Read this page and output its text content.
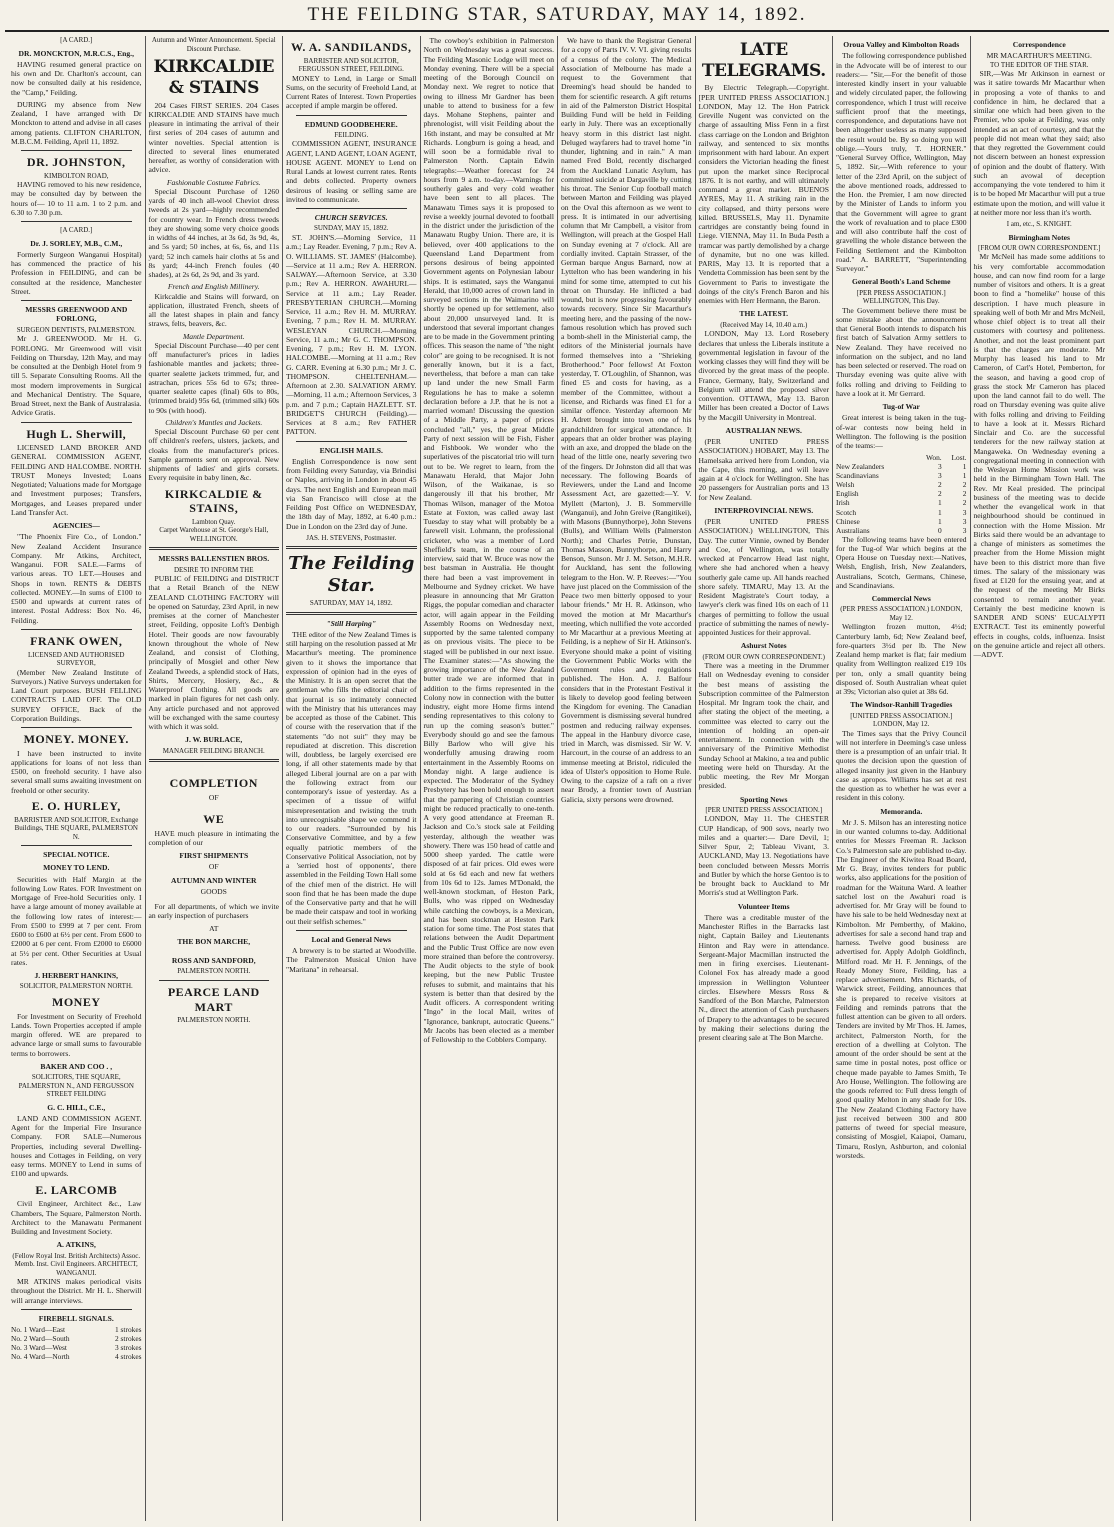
THE FEILDING STAR, SATURDAY, MAY 14, 1892.
[A CARD.]
DR. MONCKTON, M.R.C.S., Eng.,

HAVING resumed general practice on his own and Dr. Charlton's account, can now be consulted daily at his residence, the "Camp," Feilding.

DURING my absence from New Zealand, I have arranged with Dr Monckton to attend and advise in all cases among patients. CLIFTON CHARLTON, M.B.C.M. Feilding, April 11, 1892.

DR. JOHNSTON,
KIMBOLTON ROAD,

HAVING removed to his new residence, may be consulted day by between the hours of— 10 to 11 a.m. 1 to 2 p.m. and 6.30 to 7.30 p.m.

[A CARD.]
Dr. J. SORLEY, M.B., C.M.,

Formerly Surgeon Wanganui Hospital) has commenced the practice of his Profession in FEILDING, and can be consulted at the residence, Manchester Street.

MESSRS GREENWOOD AND FORLONG,
SURGEON DENTISTS, PALMERSTON.

Mr J. GREENWOOD. Mr H. G. FORLONG. Mr Greenwood will visit Feilding on Thursday, 12th May, and may be consulted at the Denbigh Hotel from 9 till 5. Separate Consulting Rooms. All the most modern improvements in Surgical and Mechanical Dentistry. The Square, Broad Street, next the Bank of Australasia. Advice Gratis.

Hugh L. Sherwill,

LICENSED LAND BROKER AND GENERAL COMMISSION AGENT, FEILDING AND HALCOMBE. NORTH. TRUST Moneys Invested; Loans Negotiated; Valuations made for Mortgage and Investment purposes; Transfers, Mortgages, and Leases prepared under Land Transfer Act.

AGENCIES—

"The Phoenix Fire Co., of London." New Zealand Accident Insurance Company. Mr Atkins, Architect, Wanganui. FOR SALE.—Farms of various areas. TO LET.—Houses and Shops in town. RENTS & DEBTS collected. MONEY.—In sums of £100 to £500 and upwards at current rates of interest. Postal Address: Box No. 46, Feilding.

FRANK OWEN,
LICENSED AND AUTHORISED SURVEYOR,

(Member New Zealand Institute of Surveyors.) Native Surveys undertaken for Land Court purposes. BUSH FELLING CONTRACTS LAID OFF. The OLD SURVEY OFFICE, Back of the Corporation Buildings.

MONEY. MONEY.

I have been instructed to invite applications for loans of not less than £500, on freehold security. I have also several small sums awaiting investment on freehold or other security.

E. O. HURLEY,
BARRISTER AND SOLICITOR, Exchange Buildings, THE SQUARE, PALMERSTON N.
SPECIAL NOTICE.
MONEY TO LEND.

Securities with Half Margin at the following Low Rates. FOR Investment on Mortgage of Free-hold Securities only. I have a large amount of money available at the following low rates of interest:— From £500 to £999 at 7 per cent. From £600 to £600 at 6½ per cent. From £600 to £2000 at 6 per cent. From £2000 to £6000 at 5½ per cent. Other Securities at Usual rates.

J. HERBERT HANKINS,
SOLICITOR, PALMERSTON NORTH.
MONEY

For Investment on Security of Freehold Lands. Town Properties accepted if ample margin offered. WE are prepared to advance large or small sums to favourable terms to borrowers.

BAKER AND COO . ,
SOLICITORS, THE SQUARE, PALMERSTON N., AND FERGUSSON STREET FEILDING
G. C. HILL, C.E.,

LAND AND COMMISSION AGENT. Agent for the Imperial Fire Insurance Company. FOR SALE—Numerous Properties, including several Dwelling-houses and Cottages in Feilding, on very easy terms. MONEY to Lend in sums of £100 and upwards.

E. LARCOMB

Civil Engineer, Architect &c., Law Chambers, The Square, Palmerston North. Architect to the Manawatu Permanent Building and Investment Society.

A. ATKINS,
(Fellow Royal Inst. British Architects) Assoc. Memb. Inst. Civil Engineers. ARCHITECT, WANGANUI.

MR ATKINS makes periodical visits throughout the District. Mr H. L. Sherwill will arrange interviews.

FIREBELL SIGNALS.
No. 1 Ward—East	1 strokes
No. 2 Ward—South	2 strokes
No. 3 Ward—West	3 strokes
No. 4 Ward—North	4 strokes
Autumn and Winter Announcement. Special Discount Purchase.
KIRKCALDIE & STAINS

204 Cases FIRST SERIES. 204 Cases KIRKCALDIE AND STAINS have much pleasure in intimating the arrival of their first series of 204 cases of autumn and winter novelties. Special attention is directed to several lines enumerated hereafter, as worthy of consideration with advice.

Fashionable Costume Fabrics.

Special Discount Purchase of 1260 yards of 40 inch all-wool Cheviot dress tweeds at 2s yard—highly recommended for country wear. In French dress tweeds they are showing some very choice goods in widths of 44 inches, at 3s 6d, 3s 9d, 4s, and 5s yard; 50 inches, at 6s, 6s, and 11s yard; 52 inch camels hair cloths at 5s and 8s yard; 44-inch French foules (40 shades), at 2s 6d, 2s 9d, and 3s yard.

French and English Millinery.

Kirkcaldie and Stains will forward, on application, illustrated French, sheets of all the latest shapes in plain and fancy straws, felts, beavers, &c.

Mantle Department.

Special Discount Purchase—40 per cent off manufacturer's prices in ladies fashionable mantles and jackets; three-quarter sealette jackets trimmed, fur, and astrachan, prices 55s 6d to 67s; three-quarter sealette capes (final) 60s to 80s, (trimmed braid) 95s 6d, (trimmed silk) 60s to 90s (with hood).

Children's Mantles and Jackets.

Special Discount Purchase 60 per cent off children's reefers, ulsters, jackets, and cloaks from the manufacturer's prices. Sample garments sent on approval. New shipments of ladies' and girls corsets. Every requisite in baby linen, &c.

KIRKCALDIE & STAINS,
Lambton Quay.
Carpet Warehouse at St. George's Hall, WELLINGTON.
MESSRS BALLENSTIEN BROS.
DESIRE TO INFORM THE

PUBLIC of FEILDING and DISTRICT that a Retail Branch of the NEW ZEALAND CLOTHING FACTORY will be opened on Saturday, 23rd April, in new premises at the corner of Manchester street, Feilding, opposite Loft's Denbigh Hotel. Their goods are now favourably known throughout the whole of New Zealand, and consist of Clothing, principally of Mosgiel and other New Zealand Tweeds, a splendid stock of Hats, Shirts, Mercery, Hosiery, &c., & Waterproof Clothing. All goods are marked in plain figures for net cash only. Any article purchased and not approved will be exchanged with the same courtesy with which it was sold.

J. W. BURLACE,
MANAGER FEILDING BRANCH.
COMPLETION
OF
WE

HAVE much pleasure in intimating the completion of our

FIRST SHIPMENTS
OF
AUTUMN AND WINTER
GOODS

For all departments, of which we invite an early inspection of purchasers

AT
THE BON MARCHE,
ROSS AND SANDFORD,
PALMERSTON NORTH.
PEARCE LAND MART
PALMERSTON NORTH.
W. A. SANDILANDS,
BARRISTER AND SOLICITOR, FERGUSSON STREET, FEILDING.

MONEY to Lend, in Large or Small Sums, on the security of Freehold Land, at Current Rates of Interest. Town Properties accepted if ample margin be offered.

EDMUND GOODBEHERE.
FEILDING.

COMMISSION AGENT, INSURANCE AGENT, LAND AGENT, LOAN AGENT, HOUSE AGENT. MONEY to Lend on Rural Lands at lowest current rates. Rents and debts collected. Property owners desirous of leasing or selling same are invited to communicate.

CHURCH SERVICES.
SUNDAY, MAY 15, 1892.

ST. JOHN'S.—Morning Service, 11 a.m.; Lay Reader. Evening, 7 p.m.; Rev A. O. WILLIAMS. ST. JAMES' (Halcombe).—Service at 11 a.m.; Rev A. HERRON. SALWAY.—Afternoon Service, at 3.30 p.m.; Rev A. HERRON. AWAHURI.—Service at 11 a.m.; Lay Reader. PRESBYTERIAN CHURCH.—Morning Service, 11 a.m.; Rev H. M. MURRAY. Evening, 7 p.m.; Rev H. M. MURRAY. WESLEYAN CHURCH.—Morning Service, 11 a.m.; Mr G. C. THOMPSON. Evening, 7 p.m.; Rev H. M. LYON. HALCOMBE.—Morning at 11 a.m.; Rev G. CARR. Evening at 6.30 p.m.; Mr J. C. THOMPSON. CHELTENHAM.—Afternoon at 2.30. SALVATION ARMY.—Morning, 11 a.m.; Afternoon Services, 3 p.m. and 7 p.m.; Captain HAZLETT. ST. BRIDGET'S CHURCH (Feilding).—Services at 8 a.m.; Rev FATHER PATTON.

ENGLISH MAILS.

English Correspondence is now sent from Feilding every Saturday, via Brindisi or Naples, arriving in London in about 45 days. The next English and European mail via San Francisco will close at the Feilding Post Office on WEDNESDAY, the 18th day of May, 1892, at 6.40 p.m.: Due in London on the 23rd day of June.

JAS. H. STEVENS, Postmaster.
The Feilding Star.
SATURDAY, MAY 14, 1892.
"Still Harping"

THE editor of the New Zealand Times is still harping on the resolution passed at Mr Macarthur's meeting. The prominence given to it shows the importance that expression of opinion had in the eyes of the Ministry. It is an open secret that the gentleman who fills the editorial chair of that journal is so intimately connected with the Ministry that his utterances may be accepted as those of the Cabinet. This of course with the reservation that if the statements "do not suit" they may be repudiated at discretion. This discretion will, doubtless, be largely exercised ere long, if all other statements made by that alleged Liberal journal are on a par with the following extract from our contemporary's issue of yesterday. As a specimen of a tissue of wilful misrepresentation and twisting the truth into unrecognisable shape we commend it to our readers. "Surrounded by his Conservative Committee, and by a few equally patriotic members of the Conservative Political Association, not by a 'serried host of opponents', there assembled in the Feilding Town Hall some of the chief men of the district. He will soon find that he has been made the dupe of the Conservative party and that he will be made their catspaw and tool in working out their selfish schemes."

Local and General News

A brewery is to be started at Woodville. The Palmerston Musical Union have "Maritana" in rehearsal.

The cowboy's exhibition in Palmerston North on Wednesday was a great success. The Feilding Masonic Lodge will meet on Monday evening. There will be a special meeting of the Borough Council on Monday next. We regret to notice that owing to illness Mr Gardner has been unable to attend to business for a few days. Mohane Stephens, painter and phrenologist, will visit Feilding about the 16th instant, and may be consulted at Mr Richards. Longburn is going a head, and will soon be a formidable rival to Palmerston North. Captain Edwin telegraphs:—Weather forecast for 24 hours from 9 a.m. to-day.—Warnings for southerly gales and very cold weather have been sent to all places. The Manawatu Times says it is proposed to revise a weekly journal devoted to football in the district under the jurisdiction of the Manawatu Rugby Union. There are, it is believed, over 400 applications to the Queensland Land Department from persons desirous of being appointed Government agents on Polynesian labour ships. It is estimated, says the Wanganui Herald, that 10,000 acres of crown land in surveyed sections in the Waimarino will shortly be opened up for settlement, also about 20,000 unsurveyed land. It is understood that several important changes are to be made in the Government printing offices. This season the name of "the night color" are going to be recognised. It is not generally known, but it is a fact, nevertheless, that before a man can take up land under the new Small Farm Regulations he has to make a solemn declaration before a J.P. that he is not a married woman! Discussing the question of a Middle Party, a paper of prices concluded "all," yes, the great Middle Party of next session will be Fish, Fisher and Fishbook. We wonder who the superlatives of the piscatorial trio will turn out to be. We regret to learn, from the Manawatu Herald, that Major John Wilson, of the Waikanae, is so dangerously ill that his brother, Mr Thomas Wilson, manager of the Motoa Estate at Foxton, was called away last Tuesday to stay what will probably be a farewell visit. Lohmann, the professional cricketer, who was a member of Lord Sheffield's team, in the course of an interview, said that W. Bruce was now the best batsman in Australia. He thought there had been a vast improvement in Melbourne and Sydney cricket. We have pleasure in announcing that Mr Gratton Riggs, the popular comedian and character actor, will again appear in the Feilding Assembly Rooms on Wednesday next, supported by the same talented company as on previous visits. The piece to be staged will be published in our next issue. The Examiner states:—"As showing the growing importance of the New Zealand butter trade we are informed that in addition to the firms represented in the Colony now in connection with the butter industry, eight more Home firms intend sending representatives to this colony to run up the coming season's butter." Everybody should go and see the famous Billy Barlow who will give his wonderfully amusing drawing room entertainment in the Assembly Rooms on Monday night. A large audience is expected. The Moderator of the Sydney Presbytery has been bold enough to assert that the pampering of Christian countries might be reduced practically to one-tenth. A very good attendance at Freeman R. Jackson and Co.'s stock sale at Feilding yesterday, although the weather was showery. There was 150 head of cattle and 5000 sheep yarded. The cattle were disposed of at fair prices. Old ewes were sold at 6s 6d each and new fat wethers from 10s 6d to 12s. James M'Donald, the well-known stockman, of Heston Park, Bulls, who was ripped on Wednesday while catching the cowboys, is a Mexican, and has been stockman at Heston Park station for some time. The Post states that relations between the Audit Department and the Public Trust Office are now even more strained than before the controversy. The Audit objects to the style of book keeping, but the new Public Trustee refuses to submit, and maintains that his system is better than that desired by the Audit officers. A correspondent writing "Ingo" in the local Mail, writes of "Ignorance, bankrupt, autocratic Queens." Mr Jacobs has been elected as a member of Fellowship to the Cobblers Company.

We have to thank the Registrar General for a copy of Parts IV. V. VI. giving results of a census of the colony. The Medical Association of Melbourne has made a request to the Government that Dreeming's head should be handed to them for scientific research. A gift returns in aid of the Palmerston District Hospital Building Fund will be held in Feilding early in July. There was an exceptionally heavy storm in this district last night. Deluged wayfarers had to travel home "in thunder, lightning and in rain." A man named Fred Bold, recently discharged from the Auckland Lunatic Asylum, has committed suicide at Dargaville by cutting his throat. The Senior Cup football match between Marton and Feilding was played on the Oval this afternoon as we went to press. It is intimated in our advertising column that Mr Campbell, a visitor from Wellington, will preach at the Gospel Hall on Sunday evening at 7 o'clock. All are cordially invited. Captain Strasser, of the German barque Angus Barnard, now at Lyttelton who has been wandering in his mind for some time, attempted to cut his throat on Thursday. He inflicted a bad wound, but is now progressing favourably towards recovery. Since Sir Macarthur's meeting here, and the passing of the now-famous resolution which has proved such a bomb-shell in the Ministerial camp, the editors of the Ministerial journals have formed themselves into a "Shrieking Brotherhood." Poor fellows! At Foxton yesterday, T. O'Loughlin, of Shannon, was fined £5 and costs for having, as a member of the Committee, without a license, and Richards was fined £1 for a similar offence. Yesterday afternoon Mr H. Adrett brought into town one of his grandchildren for surgical attendance. It appears that an older brother was playing with an axe, and dropped the blade on the head of the little one, nearly severing two of the fingers. Dr Johnston did all that was necessary. The following Boards of Reviewers, under the Land and Income Assessment Act, are gazetted:—Y. V. Myllett (Marton), J. B. Sommerville (Wanganui), and John Greive (Rangitikei), with Masons (Bunnythorpe), John Stevens (Bulls), and William Wells (Palmerston North); and Charles Petrie, Dunstan, Thomas Masson, Bunnythorpe, and Harry Benson, Sunson. Mr J. M. Setson, M.H.R. for Auckland, has sent the following telegram to the Hon. W. P. Reeves:—"You have just placed on the Commission of the Peace two men bitterly opposed to your labour friends." Mr H. R. Atkinson, who moved the motion at Mr Macarthur's meeting, which nullified the vote accorded to Mr Macarthur at a previous Meeting at Feilding, is a nephew of Sir H. Atkinson's. Everyone should make a point of visiting the Government Public Works with the Government rules and regulations published. The Hon. A. J. Balfour considers that in the Protestant Festival it is likely to develop good feeling between the Kingdom for evening. The Canadian Government is dismissing several hundred postmen and reducing railway expenses. The appeal in the Hanbury divorce case, tried in March, was dismissed. Sir W. V. Harcourt, in the course of an address to an immense meeting at Bristol, ridiculed the idea of Ulster's opposition to Home Rule. Owing to the capsize of a raft on a river near Brody, a frontier town of Austrian Galicia, sixty persons were drowned.

LATE TELEGRAMS.

By Electric Telegraph.—Copyright. [PER UNITED PRESS ASSOCIATION.] LONDON, May 12. The Hon Patrick Greville Nugent was convicted on the charge of assaulting Miss Fenn in a first class carriage on the London and Brighton railway, and sentenced to six months imprisonment with hard labour. An expert considers the Victorian heading the finest put upon the market since Reciprocal 1876. It is not earthy, and will ultimately command a great market. BUENOS AYRES, May 11. A striking rain in the city collapsed, and thirty persons were killed. BRUSSELS, May 11. Dynamite cartridges are constantly being found in Liege. VIENNA, May 11. In Buda Pesth a tramcar was partly demolished by a charge of dynamite, but no one was killed. PARIS, May 13. It is reported that a Vendetta Commission has been sent by the Government to Paris to investigate the doings of the city's French Baron and his enemies with Herr Hermann, the Baron.

THE LATEST.
(Received May 14, 10.40 a.m.)

LONDON, May 13. Lord Rosebery declares that unless the Liberals institute a governmental legislation in favour of the working classes they will find they will be divorced by the great mass of the people. France, Germany, Italy, Switzerland and Belgium will attend the proposed silver convention. OTTAWA, May 13. Baron Miller has been created a Doctor of Laws by the Macgill University in Montreal.

AUSTRALIAN NEWS.

(PER UNITED PRESS ASSOCIATION.) HOBART, May 13. The Hamelsaka arrived here from London, via the Cape, this morning, and will leave again at 4 o'clock for Wellington. She has 20 passengers for Australian ports and 13 for New Zealand.

INTERPROVINCIAL NEWS.

(PER UNITED PRESS ASSOCIATION.) WELLINGTON, This Day. The cutter Vinnie, owned by Bender and Coe, of Wellington, was totally wrecked at Pencarrow Head last night, where she had anchored when a heavy southerly gale came up. All hands reached shore safely. TIMARU, May 13. At the Resident Magistrate's Court today, a lawyer's clerk was fined 10s on each of 11 charges of permitting to follow the usual practice of submitting the names of newly-appointed Justices for their approval.

Ashurst Notes
(FROM OUR OWN CORRESPONDENT.)

There was a meeting in the Drummer Hall on Wednesday evening to consider the best means of assisting the Subscription committee of the Palmerston Hospital. Mr Ingram took the chair, and after stating the object of the meeting, a committee was elected to carry out the intention of holding an open-air entertainment. In connection with the anniversary of the Primitive Methodist Sunday School at Makino, a tea and public meeting were held on Thursday. At the public meeting, the Rev Mr Morgan presided.

Sporting News
[PER UNITED PRESS ASSOCIATION.]

LONDON, May 11. The CHESTER CUP Handicap, of 900 sovs, nearly two miles and a quarter:— Dare Devil, 1; Silver Spur, 2; Tableau Vivant, 3. AUCKLAND, May 13. Negotiations have been concluded between Messrs Morris and Butler by which the horse Gentoo is to be brought back to Auckland to Mr Morris's stud at Wellington Park.

Volunteer Items

There was a creditable muster of the Manchester Rifles in the Barracks last night, Captain Bailey and Lieutenants Hinton and Ray were in attendance. Sergeant-Major Macmillan instructed the men in firing exercises. Lieutenant-Colonel Fox has already made a good impression in Wellington Volunteer circles. Elsewhere Messrs Ross & Sandford of the Bon Marche, Palmerston N., direct the attention of Cash purchasers of Drapery to the advantages to be secured by making their selections during the present clearing sale at The Bon Marche.

Oroua Valley and Kimbolton Roads

The following correspondence published in the Advocate will be of interest to our readers:— "Sir,—For the benefit of those interested kindly insert in your valuable and widely circulated paper, the following correspondence, which I trust will receive sufficient proof that the meetings, correspondence, and deputations have not been altogether useless as many supposed the result would be. By so doing you will oblige.—Yours truly, T. HORNER." "General Survey Office, Wellington, May 5, 1892. Sir,—With reference to your letter of the 23rd April, on the subject of the above mentioned roads, addressed to the Hon. the Premier, I am now directed by the Minister of Lands to inform you that the Government will agree to grant the work of revaluation and to place £300 and will also contribute half the cost of gravelling the whole distance between the Feilding Settlement and the Kimbolton road." A. BARRETT, "Superintending Surveyor."

General Booth's Land Scheme
[PER PRESS ASSOCIATION.] WELLINGTON, This Day.

The Government believe there must be some mistake about the announcement that General Booth intends to dispatch his first batch of Salvation Army settlers to New Zealand. They have received no information on the subject, and no land has been selected or reserved. The road on Thursday evening was quite alive with folks rolling and driving to Feilding to have a look at it. Mr Gerrard.

Tug-of War

Great interest is being taken in the tug-of-war contests now being held in Wellington. The following is the position of the teams:—

	Won.	Lost.
New Zealanders	3	1
Scandinavians	3	1
Welsh	2	2
English	2	2
Irish	1	2
Scotch	1	3
Chinese	1	3
Australians	0	3

The following teams have been entered for the Tug-of War which begins at the Opera House on Tuesday next:—Natives, Welsh, English, Irish, New Zealanders, Australians, Scotch, Germans, Chinese, and Scandinavians.

Commercial News
(PER PRESS ASSOCIATION.) LONDON, May 12.

Wellington frozen mutton, 4½d; Canterbury lamb, 6d; New Zealand beef, fore-quarters 3½d per lb. The New Zealand hemp market is flat; fair medium quality from Wellington realized £19 10s per ton, only a small quantity being disposed of. South Australian wheat quiet at 39s; Victorian also quiet at 38s 6d.

The Windsor-Ranhill Tragedies
[UNITED PRESS ASSOCIATION.] LONDON, May 12.

The Times says that the Privy Council will not interfere in Deeming's case unless there is a presumption of an unfair trial. It quotes the decision upon the question of alleged insanity just given in the Hanbury case as apropos. Williams has set at rest the question as to whether he was ever a resident in this colony.

Memoranda.

Mr J. S. Milson has an interesting notice in our wanted columns to-day. Additional entries for Messrs Freeman R. Jackson Co.'s Palmerston sale are published to-day. The Engineer of the Kiwitea Road Board, Mr G. Bray, invites tenders for public works, also applications for the position of roadman for the Waituna Ward. A leather satchel lost on the Awahuri road is advertised for. Mr Gray will be found to have his sale to be held Wednesday next at Kimbolton. Mr Pemberthy, of Makino, advertises for sale a second hand trap and harness. Twelve good business are advertised for. Apply Adolph Goldfinch, Milford road. Mr H. F. Jennings, of the Ready Money Store, Feilding, has a replace advertisement. Mrs Richards, of Warwick street, Feilding, announces that she is prepared to receive visitors at Feilding and reminds patrons that the fullest attention can be given to all orders. Tenders are invited by Mr Thos. H. James, architect, Palmerston North, for the erection of a dwelling at Colyton. The amount of the order should be sent at the same time in postal notes, post office or cheque made payable to James Smith, Te Aro House, Wellington. The following are the goods referred to: Full dress length of good quality Melton in any shade for 10s. The New Zealand Clothing Factory have just received between 300 and 800 patterns of tweed for special measure, consisting of Mosgiel, Kaiapoi, Oamaru, Timaru, Roslyn, Ashburton, and colonial worsteds.

Correspondence
MR MACARTHUR'S MEETING.
TO THE EDITOR OF THE STAR.

SIR,—Was Mr Atkinson in earnest or was it satire towards Mr Macarthur when in proposing a vote of thanks to and confidence in him, he declared that a similar one which had been given to the Premier, who spoke at Feilding, was only intended as an act of courtesy, and that the people did not mean what they said; also that they regretted the Government could not discern between an honest expression of opinion and the doubt of flattery. With such an avowal of deception accompanying the vote tendered to him it is to be hoped Mr Macarthur will put a true estimate upon the motion, and will value it at neither more nor less than it's worth.

I am, etc., S. KNIGHT.
Birmingham Notes
[FROM OUR OWN CORRESPONDENT.]

Mr McNeil has made some additions to his very comfortable accommodation house, and can now find room for a large number of visitors and others. It is a great boon to find a "homelike" house of this description. I have much pleasure in speaking well of both Mr and Mrs McNeil, whose chief object is to treat all their customers with courtesy and politeness. Another, and not the least prominent part is that the charges are moderate. Mr Murphy has leased his land to Mr Cameron, of Carl's Hotel, Pemberton, for the season, and having a good crop of grass the stock Mr Cameron has placed upon the land cannot fail to do well. The road on Thursday evening was quite alive with folks rolling and driving to Feilding to have a look at it. Messrs Richard Sinclair and Co. are the successful tenderers for the new railway station at Mangaweka. On Wednesday evening a congregational meeting in connection with the Wesleyan Home Mission work was held in the Birmingham Town Hall. The Rev. Mr Keal presided. The principal business of the meeting was to decide whether the evangelical work in that neighbourhood should be continued in connection with the Home Mission. Mr Birks said there would be an advantage to a change of ministers as sometimes the preacher from the Home Mission might have been to this district more than five times. The salary of the missionary was fixed at £120 for the ensuing year, and at the request of the meeting Mr Birks consented to remain another year. Certainly the best medicine known is SANDER AND SONS' EUCALYPTI EXTRACT. Test its eminently powerful effects in coughs, colds, influenza. Insist on the genuine article and reject all others.—ADVT.
